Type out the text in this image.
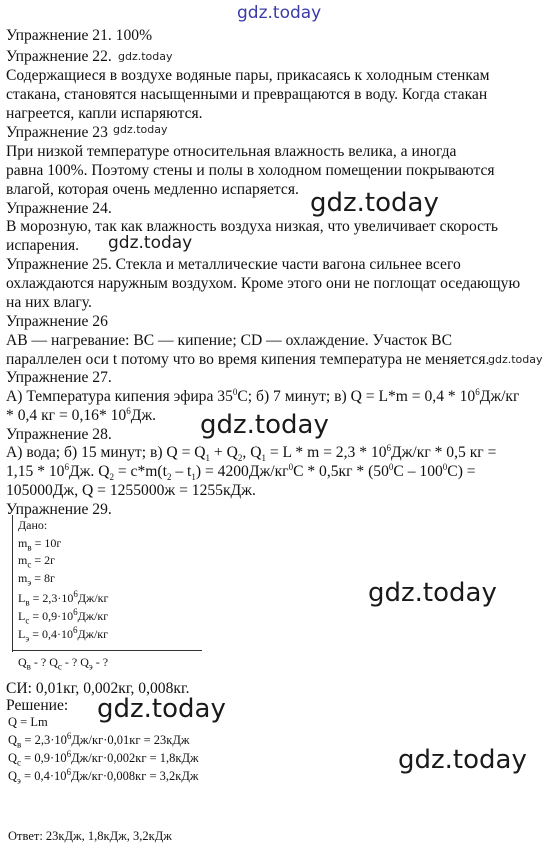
gdz.today
gdz.today
gdz.today
gdz.today
gdz.today
gdz.today
gdz.today
gdz.today
gdz.today
gdz.today
Упражнение 21. 100%
Упражнение 22.
Содержащиеся в воздухе водяные пары, прикасаясь к холодным стенкам
стакана, становятся насыщенными и превращаются в воду. Когда стакан
нагреется, капли испаряются.
Упражнение 23
При низкой температуре относительная влажность велика, а иногда
равна 100%. Поэтому стены и полы в холодном помещении покрываются
влагой, которая очень медленно испаряется.
Упражнение 24.
В морозную, так как влажность воздуха низкая, что увеличивает скорость
испарения.
Упражнение 25. Стекла и металлические части вагона сильнее всего
охлаждаются наружным воздухом. Кроме этого они не поглощат оседающую
на них влагу.
Упражнение 26
AB — нагревание: BC — кипение; CD — охлаждение. Участок BC
параллелен оси t потому что во время кипения температура не меняется.
Упражнение 27.
А) Температура кипения эфира $35^0С$; б) 7 минут; в) $Q = L*m = 0,4 * 10^6Дж/кг$
* 0,4 кг = 0,16* $10^6Дж$.
Упражнение 28.
А) вода; б) 15 минут; в) $Q = Q_1 + Q_2$, $Q_1 = L * m = 2,3 * 10^6Дж/кг * 0,5$ кг =
$1,15 * 10^6Дж$. $Q_2 = c*m(t_2 - t_1) = 4200Дж/кг^0С * 0,5кг * (50^0С - 100^0С)$ =
105000Дж, Q = 1255000ж = 1255кДж.
Упражнение 29.
Дано:
$m_в = 10г$
$m_с = 2г$
$m_э = 8г$
$L_в = 2,3\cdot 10^6Дж/кг$
$L_с = 0,9\cdot 10^6Дж/кг$
$L_э = 0,4\cdot 10^6Дж/кг$
$Q_в$ - ? $Q_с$ - ? $Q_э$ - ?
СИ: 0,01кг, 0,002кг, 0,008кг.
Решение:
Q = Lm
$Q_в = 2,3\cdot 10^6Дж/кг\cdot 0,01кг = 23кДж$
$Q_с = 0,9\cdot 10^6Дж/кг\cdot 0,002кг = 1,8кДж$
$Q_э = 0,4\cdot 10^6Дж/кг\cdot 0,008кг = 3,2кДж$
Ответ: 23кДж, 1,8кДж, 3,2кДж
